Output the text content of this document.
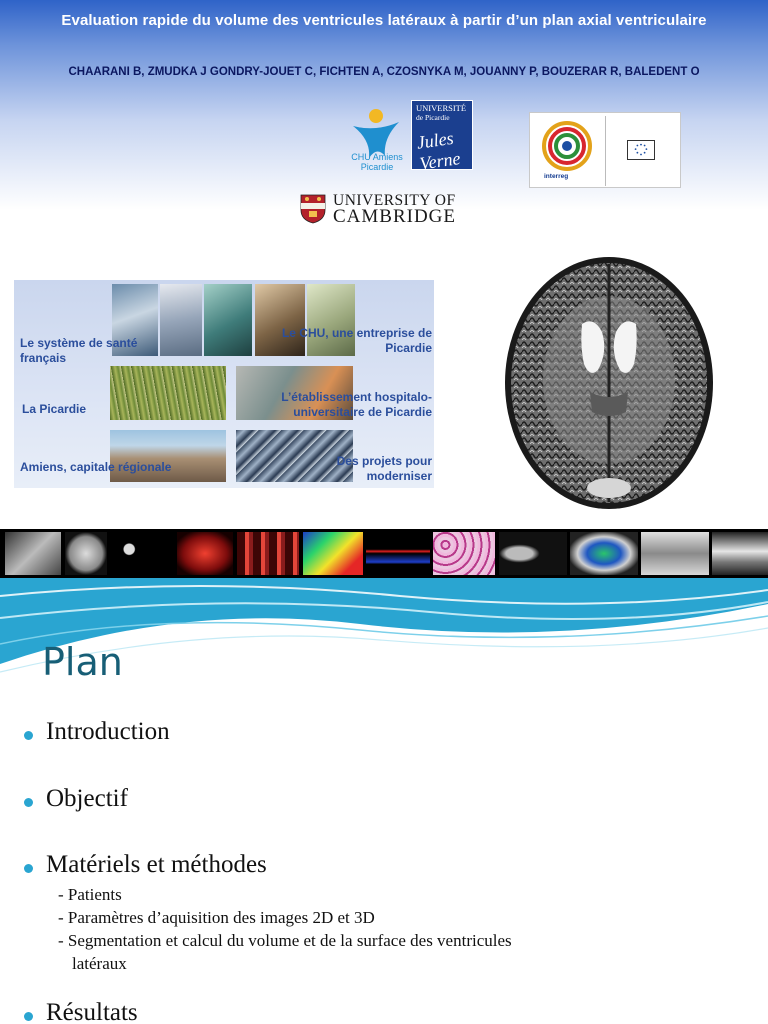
Evaluation rapide du volume des ventricules latéraux à partir d’un plan axial ventriculaire
CHAARANI B, ZMUDKA J GONDRY-JOUET C, FICHTEN A, CZOSNYKA M, JOUANNY P, BOUZERAR R, BALEDENT O
CHU Amiens
Picardie
UNIVERSITÉ
de Picardie
Jules Verne
interreg
UNIVERSITY OF
CAMBRIDGE
Le système de santé français
La Picardie
Amiens, capitale régionale
Le CHU, une entreprise de Picardie
L’établissement hospitalo-universitaire de Picardie
Des projets pour moderniser
Plan
Introduction
Objectif
Matériels et méthodes
- Patients
- Paramètres d’aquisition des images 2D et 3D
- Segmentation et calcul du volume et de la surface des ventricules
latéraux
Résultats
